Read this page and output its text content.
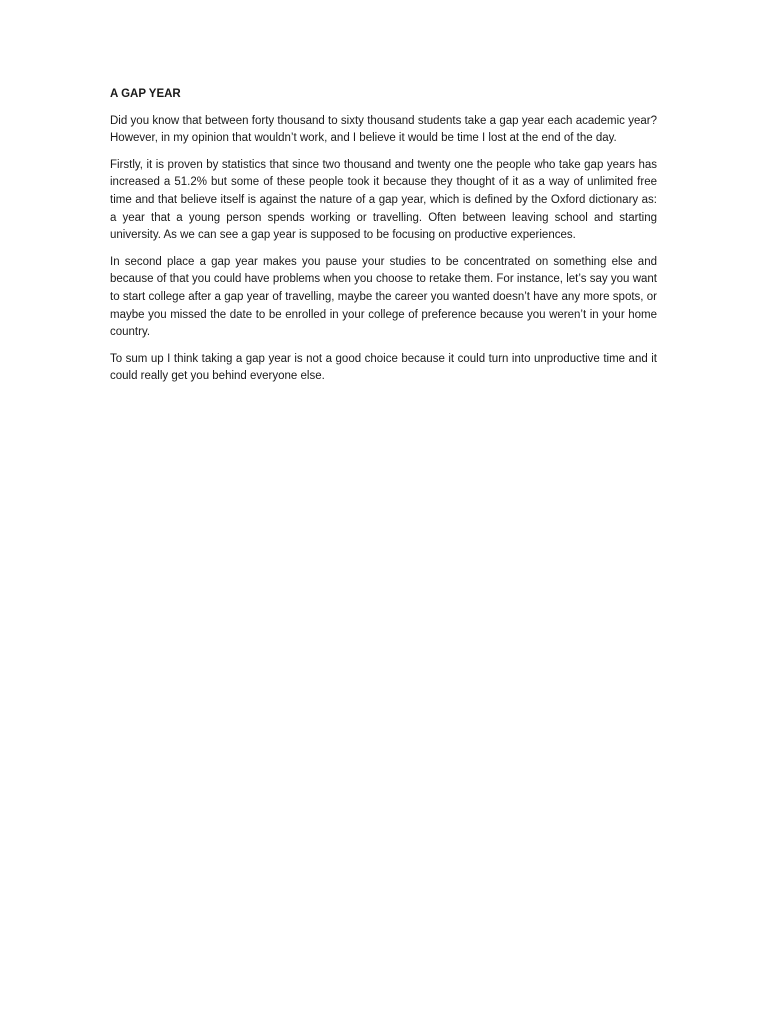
A GAP YEAR

Did you know that between forty thousand to sixty thousand students take a gap year each academic year? However, in my opinion that wouldn’t work, and I believe it would be time I lost at the end of the day.

Firstly, it is proven by statistics that since two thousand and twenty one the people who take gap years has increased a 51.2% but some of these people took it because they thought of it as a way of unlimited free time and that believe itself is against the nature of a gap year, which is defined by the Oxford dictionary as: a year that a young person spends working or travelling. Often between leaving school and starting university. As we can see a gap year is supposed to be focusing on productive experiences.

In second place a gap year makes you pause your studies to be concentrated on something else and because of that you could have problems when you choose to retake them. For instance, let’s say you want to start college after a gap year of travelling, maybe the career you wanted doesn’t have any more spots, or maybe you missed the date to be enrolled in your college of preference because you weren’t in your home country.

To sum up I think taking a gap year is not a good choice because it could turn into unproductive time and it could really get you behind everyone else.
